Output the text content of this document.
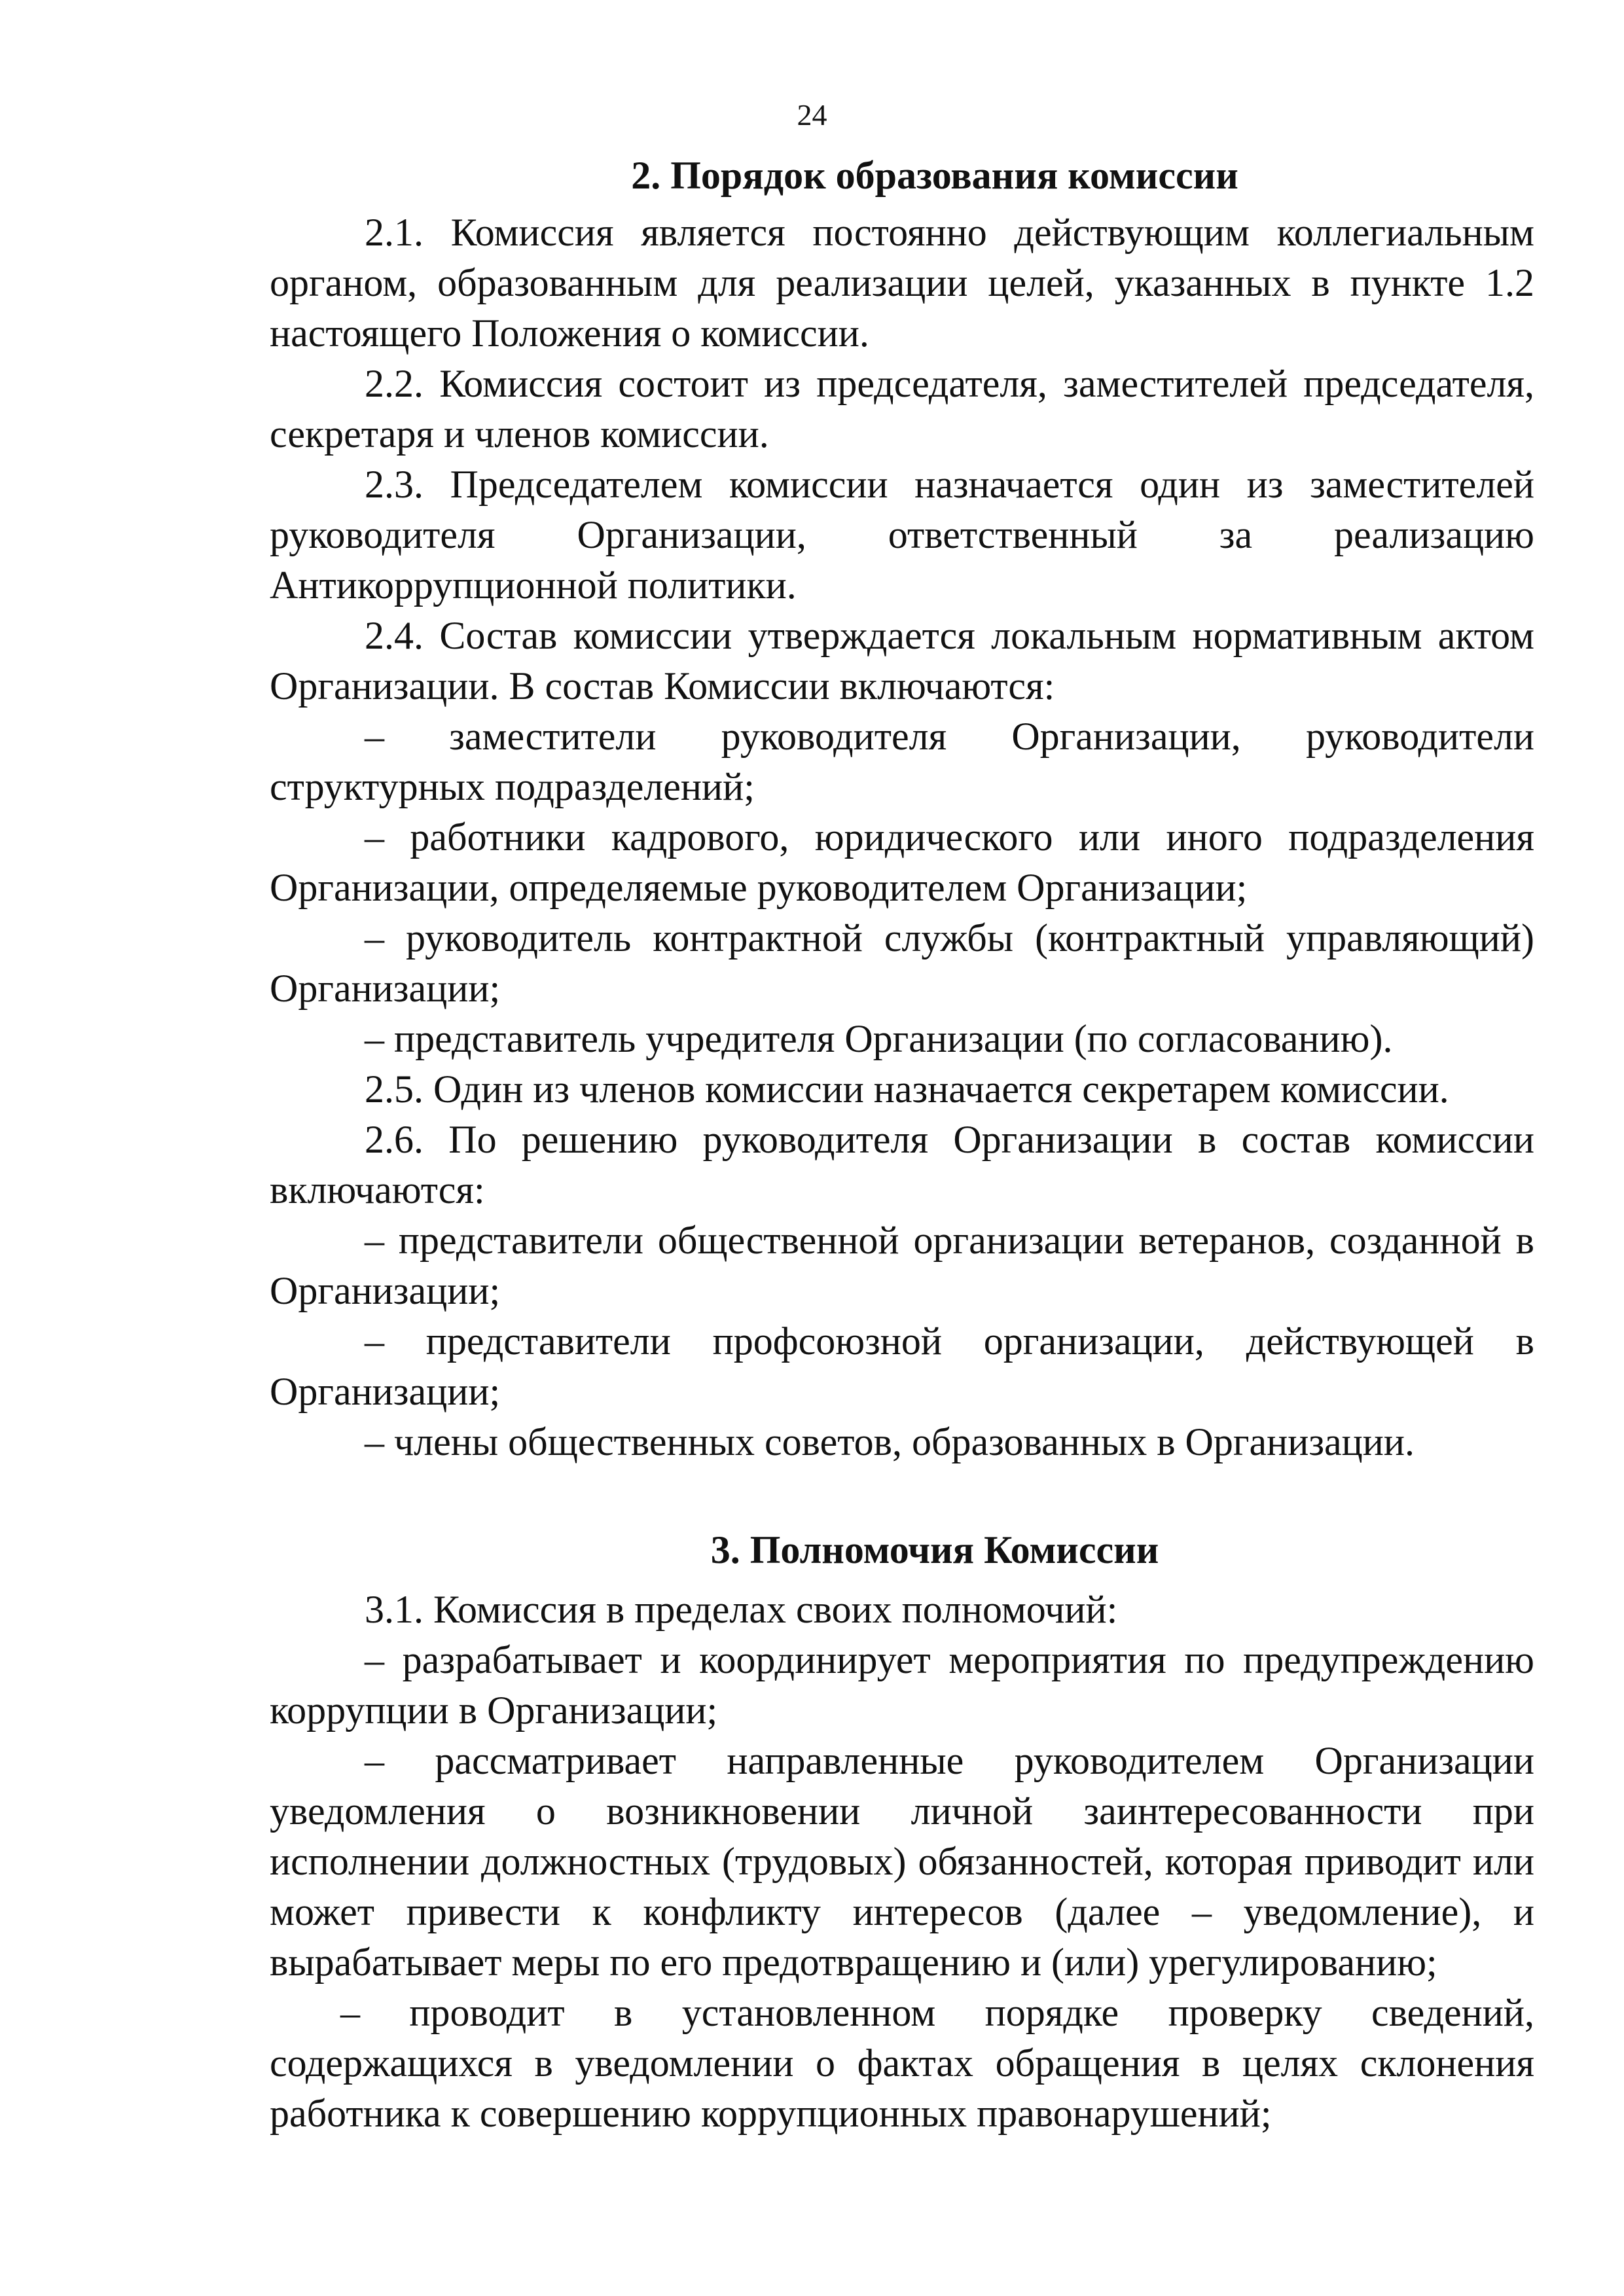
24
2. Порядок образования комиссии

2.1. Комиссия является постоянно действующим коллегиальным органом, образованным для реализации целей, указанных в пункте 1.2 настоящего Положения о комиссии.

2.2. Комиссия состоит из председателя, заместителей председателя, секретаря и членов комиссии.

2.3. Председателем комиссии назначается один из заместителей руководителя Организации, ответственный за реализацию Антикоррупционной политики.

2.4. Состав комиссии утверждается локальным нормативным актом Организации. В состав Комиссии включаются:

– заместители руководителя Организации, руководители структурных подразделений;

– работники кадрового, юридического или иного подразделения Организации, определяемые руководителем Организации;

– руководитель контрактной службы (контрактный управляющий) Организации;

– представитель учредителя Организации (по согласованию).

2.5. Один из членов комиссии назначается секретарем комиссии.

2.6. По решению руководителя Организации в состав комиссии включаются:

– представители общественной организации ветеранов, созданной в Организации;

– представители профсоюзной организации, действующей в Организации;

– члены общественных советов, образованных в Организации.

3. Полномочия Комиссии

3.1. Комиссия в пределах своих полномочий:

– разрабатывает и координирует мероприятия по предупреждению коррупции в Организации;

– рассматривает направленные руководителем Организации уведомления о возникновении личной заинтересованности при исполнении должностных (трудовых) обязанностей, которая приводит или может привести к конфликту интересов (далее – уведомление), и вырабатывает меры по его предотвращению и (или) урегулированию;

– проводит в установленном порядке проверку сведений, содержащихся в уведомлении о фактах обращения в целях склонения работника к совершению коррупционных правонарушений;
